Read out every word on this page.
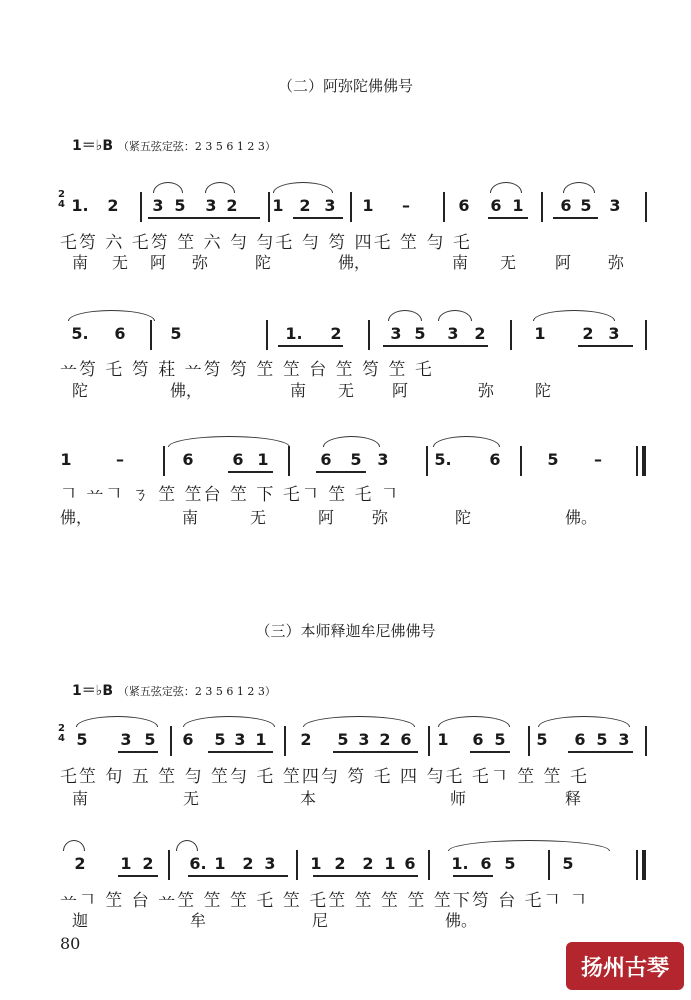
（二）阿弥陀佛佛号
1＝♭B （紧五弦定弦：2 3 5 6 1 2 3）
2
4 1. 2 3 5 3 2 1 2 3 1 –	6 6 1 6 5 3
乇笉 六 乇笉 笁 六 勻 勻乇 勻 笉 四乇 笁 勻 乇
南 无 阿 弥	陀	佛，	南 无 阿 弥
5. 6	5	1. 2	3 5 3 2	1 2 3
䒑笉 乇 笉 荰 䒑笉 笉 笁 笁 台 笁 笉 笁 乇
陀	佛，	南 无 阿	弥	陀
1	–	6 6 1	6 5 3	5. 6	5 –
𠃍 䒑𠃍 ㄋ 笁 笁台 笁 下 乇𠃍 笁 乇 𠃍
佛，	南	无	阿 弥	陀	佛。
（三）本师释迦牟尼佛佛号
1＝♭B （紧五弦定弦：2 3 5 6 1 2 3）
2
4 5 3 5 6 5 3 1 2 5 3 2 6 1 6 5 5 6 5 3
乇笁 句 五 笁 勻 笁勻 乇 笁四勻 笉 乇 四 勻乇 乇𠃍 笁 笁 乇
南	无	本	师	释
2 1 2 6. 1 2 3 1 2 2 1 6 1. 6 5	5
䒑𠃍 笁 台 䒑笁 笁 笁 乇 笁 乇笁 笁 笁 笁 笁下笉 台 乇𠃍 𠃍
迦	牟	尼	佛。
80
扬州古琴
